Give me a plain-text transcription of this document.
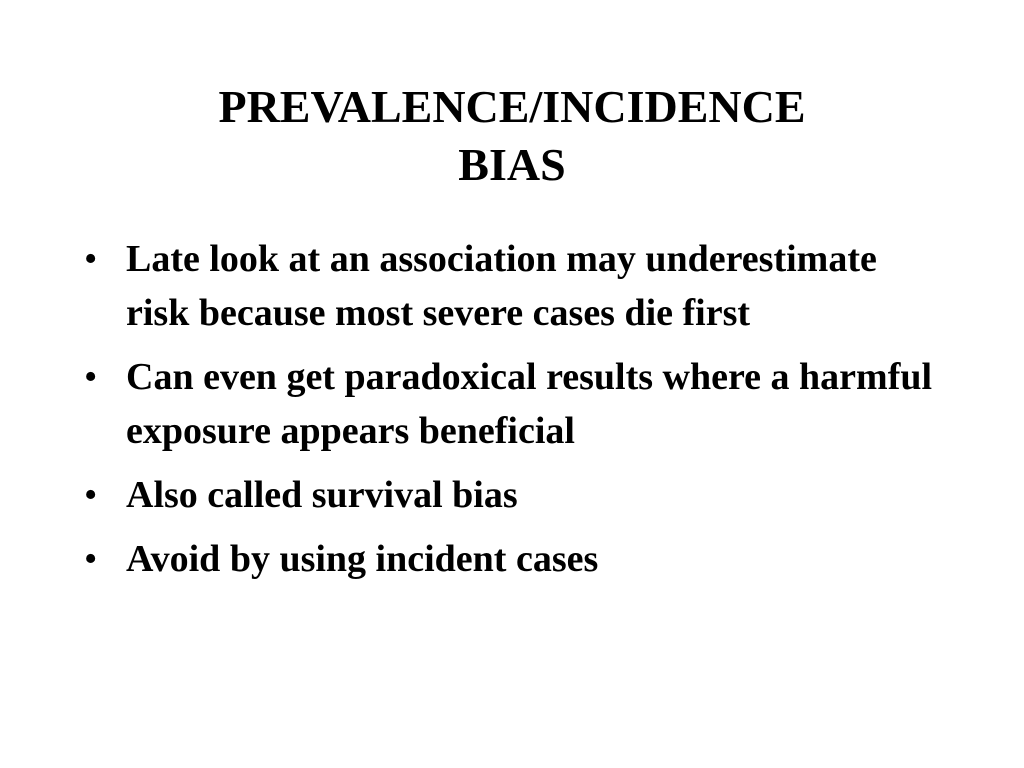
PREVALENCE/INCIDENCE
BIAS
• Late look at an association may underestimate risk because most severe cases die first
• Can even get paradoxical results where a harmful exposure appears beneficial
• Also called survival bias
• Avoid by using incident cases
